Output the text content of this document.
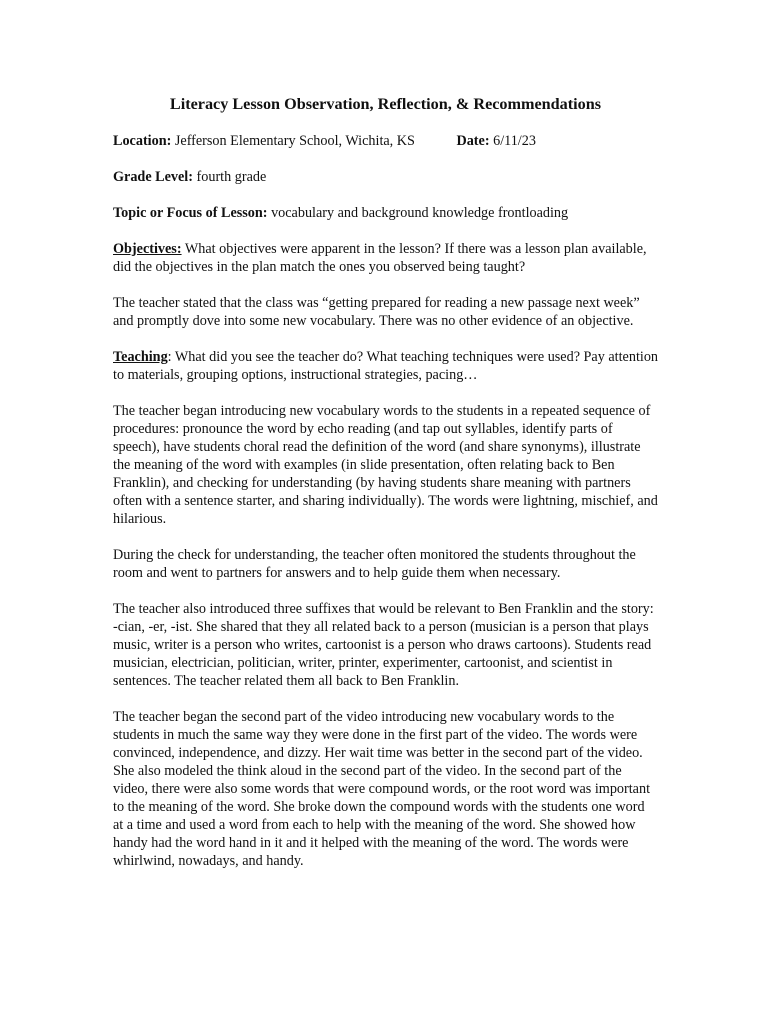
Literacy Lesson Observation, Reflection, & Recommendations
Location: Jefferson Elementary School, Wichita, KS	Date: 6/11/23
Grade Level: fourth grade
Topic or Focus of Lesson: vocabulary and background knowledge frontloading

Objectives: What objectives were apparent in the lesson? If there was a lesson plan available, did the objectives in the plan match the ones you observed being taught?

The teacher stated that the class was “getting prepared for reading a new passage next week” and promptly dove into some new vocabulary. There was no other evidence of an objective.

Teaching: What did you see the teacher do? What teaching techniques were used? Pay attention to materials, grouping options, instructional strategies, pacing…

The teacher began introducing new vocabulary words to the students in a repeated sequence of procedures: pronounce the word by echo reading (and tap out syllables, identify parts of speech), have students choral read the definition of the word (and share synonyms), illustrate the meaning of the word with examples (in slide presentation, often relating back to Ben Franklin), and checking for understanding (by having students share meaning with partners often with a sentence starter, and sharing individually). The words were lightning, mischief, and hilarious.

During the check for understanding, the teacher often monitored the students throughout the room and went to partners for answers and to help guide them when necessary.

The teacher also introduced three suffixes that would be relevant to Ben Franklin and the story: -cian, -er, -ist. She shared that they all related back to a person (musician is a person that plays music, writer is a person who writes, cartoonist is a person who draws cartoons). Students read musician, electrician, politician, writer, printer, experimenter, cartoonist, and scientist in sentences. The teacher related them all back to Ben Franklin.

The teacher began the second part of the video introducing new vocabulary words to the students in much the same way they were done in the first part of the video. The words were convinced, independence, and dizzy. Her wait time was better in the second part of the video. She also modeled the think aloud in the second part of the video. In the second part of the video, there were also some words that were compound words, or the root word was important to the meaning of the word. She broke down the compound words with the students one word at a time and used a word from each to help with the meaning of the word. She showed how handy had the word hand in it and it helped with the meaning of the word. The words were whirlwind, nowadays, and handy.
